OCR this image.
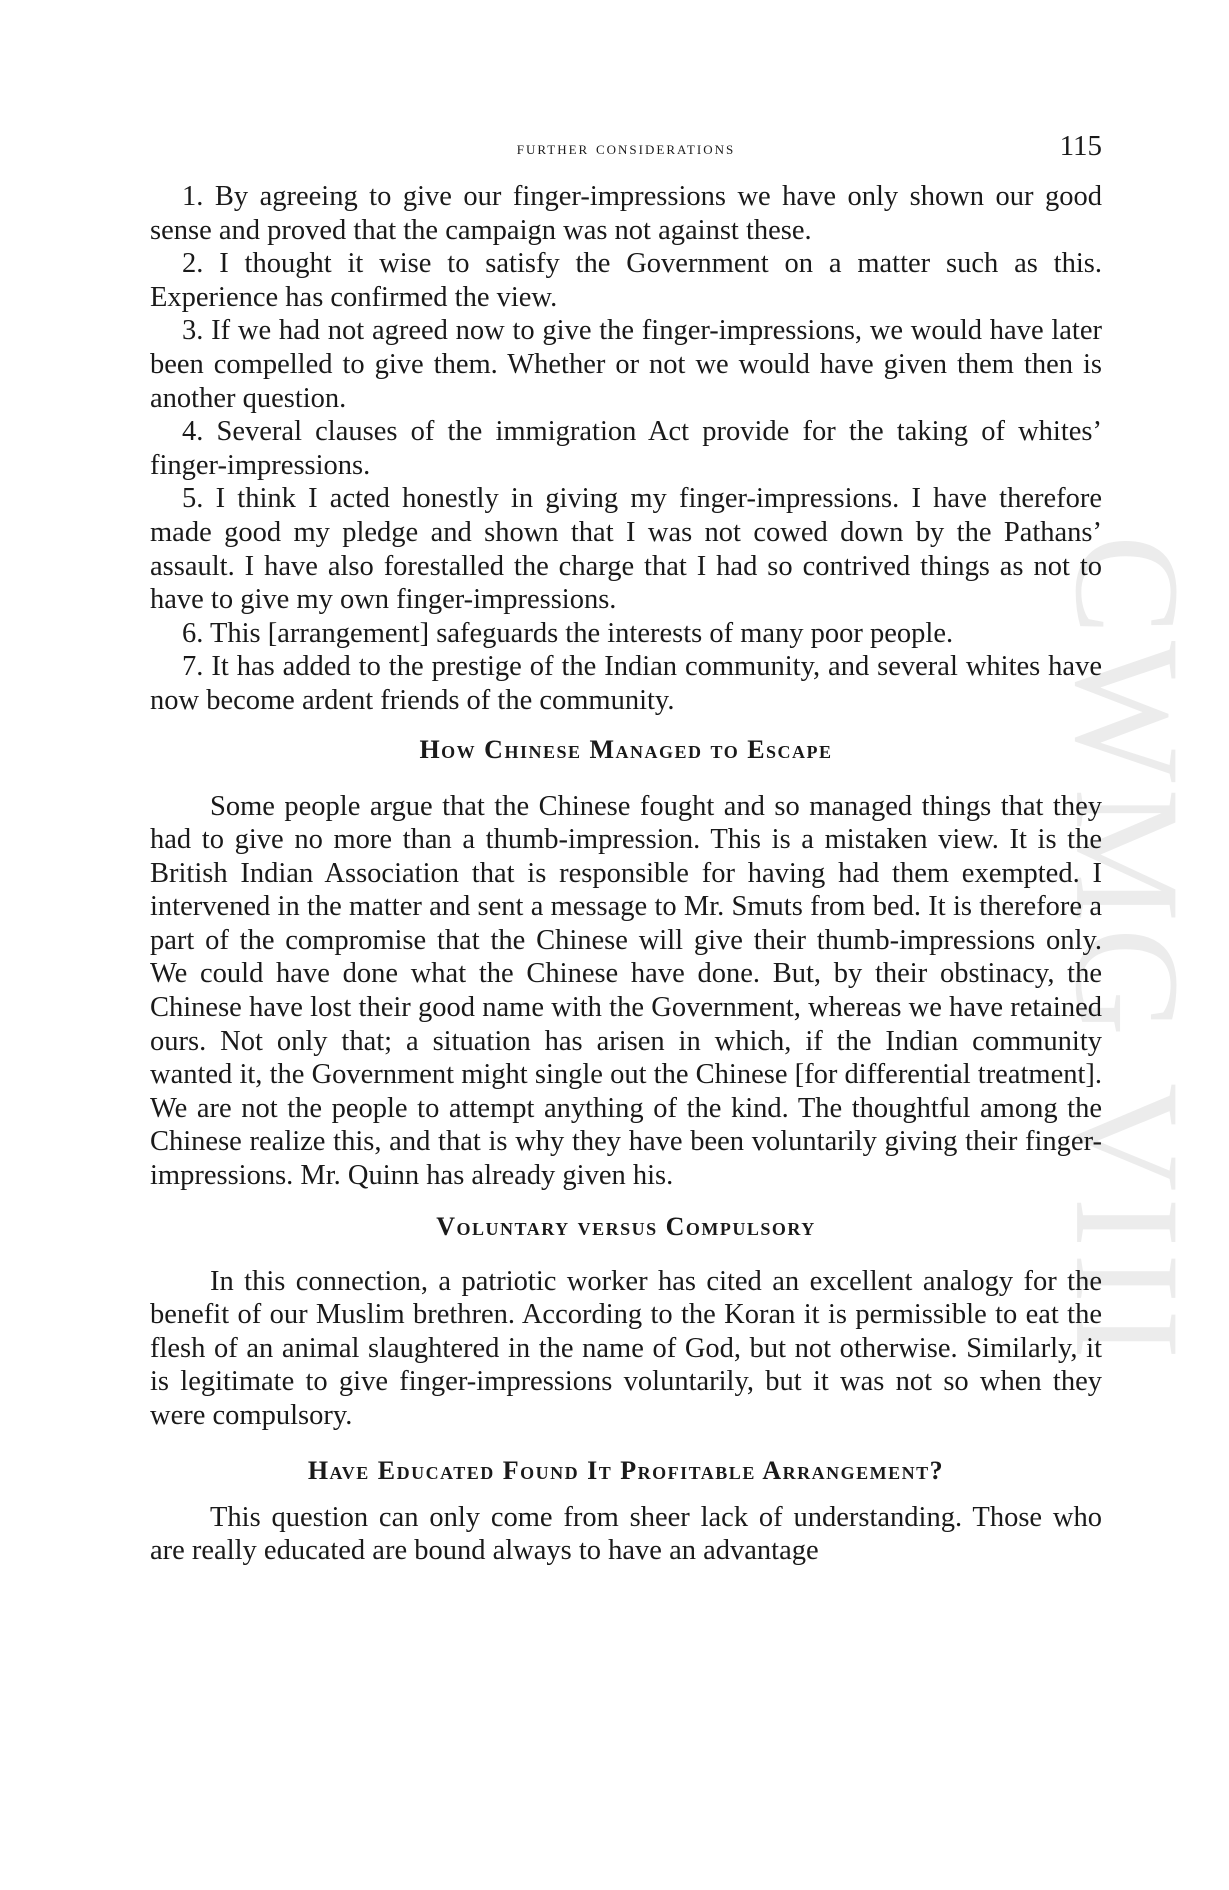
CWMG VIII
further considerations	115

1. By agreeing to give our finger-impressions we have only shown our good sense and proved that the campaign was not against these.

2. I thought it wise to satisfy the Government on a matter such as this. Experience has confirmed the view.

3. If we had not agreed now to give the finger-impressions, we would have later been compelled to give them. Whether or not we would have given them then is another question.

4. Several clauses of the immigration Act provide for the taking of whites’ finger-impressions.

5. I think I acted honestly in giving my finger-impressions. I have therefore made good my pledge and shown that I was not cowed down by the Pathans’ assault. I have also forestalled the charge that I had so contrived things as not to have to give my own finger-impressions.

6. This [arrangement] safeguards the interests of many poor people.

7. It has added to the prestige of the Indian community, and several whites have now become ardent friends of the community.

How Chinese Managed to Escape

Some people argue that the Chinese fought and so managed things that they had to give no more than a thumb-impression. This is a mistaken view. It is the British Indian Association that is responsible for having had them exempted. I intervened in the matter and sent a message to Mr. Smuts from bed. It is therefore a part of the compromise that the Chinese will give their thumb-impressions only. We could have done what the Chinese have done. But, by their obstinacy, the Chinese have lost their good name with the Government, whereas we have retained ours. Not only that; a situation has arisen in which, if the Indian community wanted it, the Government might single out the Chinese [for differential treatment]. We are not the people to attempt anything of the kind. The thoughtful among the Chinese realize this, and that is why they have been voluntarily giving their finger-impressions. Mr. Quinn has already given his.

Voluntary versus Compulsory

In this connection, a patriotic worker has cited an excellent analogy for the benefit of our Muslim brethren. According to the Koran it is permissible to eat the flesh of an animal slaughtered in the name of God, but not otherwise. Similarly, it is legitimate to give finger-impressions voluntarily, but it was not so when they were compulsory.

Have Educated Found It Profitable Arrangement?

This question can only come from sheer lack of understanding. Those who are really educated are bound always to have an advantage
